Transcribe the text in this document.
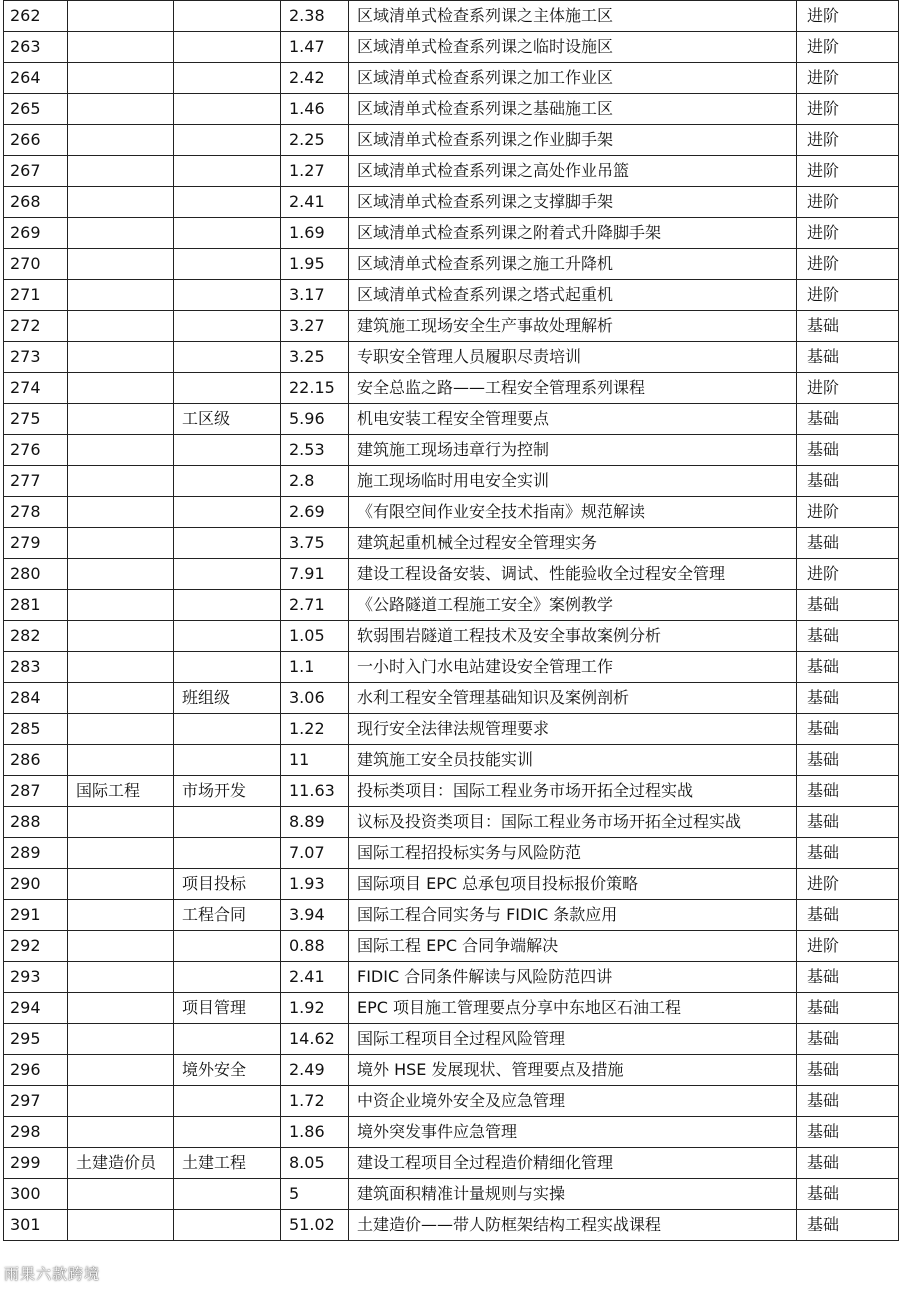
262			2.38	区域清单式检查系列课之主体施工区	进阶
263			1.47	区域清单式检查系列课之临时设施区	进阶
264			2.42	区域清单式检查系列课之加工作业区	进阶
265			1.46	区域清单式检查系列课之基础施工区	进阶
266			2.25	区域清单式检查系列课之作业脚手架	进阶
267			1.27	区域清单式检查系列课之高处作业吊篮	进阶
268			2.41	区域清单式检查系列课之支撑脚手架	进阶
269			1.69	区域清单式检查系列课之附着式升降脚手架	进阶
270			1.95	区域清单式检查系列课之施工升降机	进阶
271			3.17	区域清单式检查系列课之塔式起重机	进阶
272			3.27	建筑施工现场安全生产事故处理解析	基础
273			3.25	专职安全管理人员履职尽责培训	基础
274			22.15	安全总监之路——工程安全管理系列课程	进阶
275		工区级	5.96	机电安装工程安全管理要点	基础
276			2.53	建筑施工现场违章行为控制	基础
277			2.8	施工现场临时用电安全实训	基础
278			2.69	《有限空间作业安全技术指南》规范解读	进阶
279			3.75	建筑起重机械全过程安全管理实务	基础
280			7.91	建设工程设备安装、调试、性能验收全过程安全管理	进阶
281			2.71	《公路隧道工程施工安全》案例教学	基础
282			1.05	软弱围岩隧道工程技术及安全事故案例分析	基础
283			1.1	一小时入门水电站建设安全管理工作	基础
284		班组级	3.06	水利工程安全管理基础知识及案例剖析	基础
285			1.22	现行安全法律法规管理要求	基础
286			11	建筑施工安全员技能实训	基础
287	国际工程	市场开发	11.63	投标类项目：国际工程业务市场开拓全过程实战	基础
288			8.89	议标及投资类项目：国际工程业务市场开拓全过程实战	基础
289			7.07	国际工程招投标实务与风险防范	基础
290		项目投标	1.93	国际项目 EPC 总承包项目投标报价策略	进阶
291		工程合同	3.94	国际工程合同实务与 FIDIC 条款应用	基础
292			0.88	国际工程 EPC 合同争端解决	进阶
293			2.41	FIDIC 合同条件解读与风险防范四讲	基础
294		项目管理	1.92	EPC 项目施工管理要点分享中东地区石油工程	基础
295			14.62	国际工程项目全过程风险管理	基础
296		境外安全	2.49	境外 HSE 发展现状、管理要点及措施	基础
297			1.72	中资企业境外安全及应急管理	基础
298			1.86	境外突发事件应急管理	基础
299	土建造价员	土建工程	8.05	建设工程项目全过程造价精细化管理	基础
300			5	建筑面积精准计量规则与实操	基础
301			51.02	土建造价——带人防框架结构工程实战课程	基础
雨果六款跨境
